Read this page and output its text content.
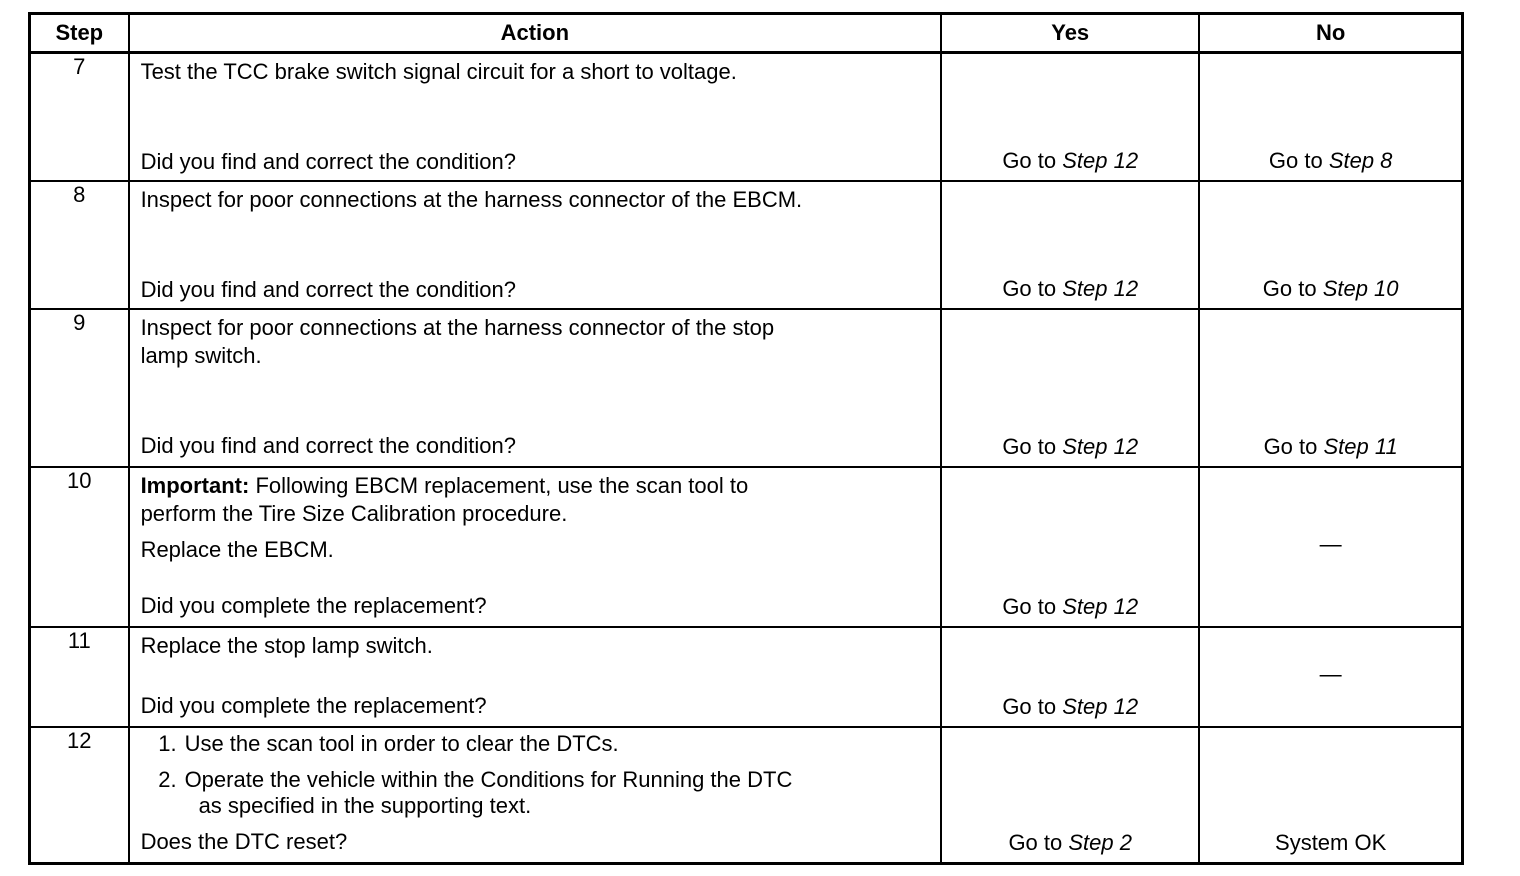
Step	Action	Yes	No
7	Test the TCC brake switch signal circuit for a short to voltage.
Did you find and correct the condition?	Go to Step 12	Go to Step 8

8	Inspect for poor connections at the harness connector of the EBCM.
Did you find and correct the condition?	Go to Step 12	Go to Step 10

9	Inspect for poor connections at the harness connector of the stop
lamp switch.
Did you find and correct the condition?	Go to Step 12	Go to Step 11

10	Important: Following EBCM replacement, use the scan tool to
perform the Tire Size Calibration procedure.
Replace the EBCM.
Did you complete the replacement?	Go to Step 12	—

11	Replace the stop lamp switch.
Did you complete the replacement?	Go to Step 12	—

12	1. Use the scan tool in order to clear the DTCs.
2. Operate the vehicle within the Conditions for Running the DTC
as specified in the supporting text.
Does the DTC reset?	Go to Step 2	System OK
